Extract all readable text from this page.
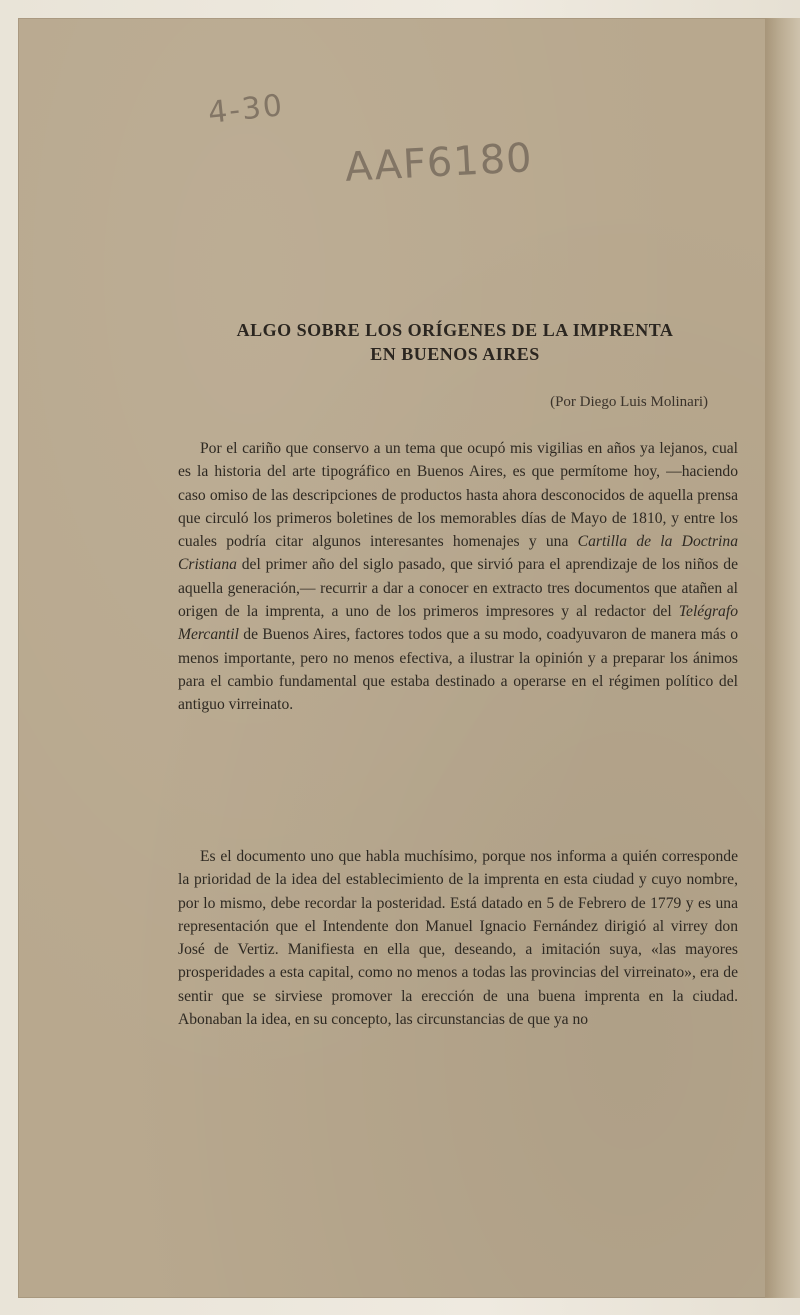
4-30
AAF6180
ALGO SOBRE LOS ORÍGENES DE LA IMPRENTA
EN BUENOS AIRES
(Por Diego Luis Molinari)

Por el cariño que conservo a un tema que ocupó mis vigilias en años ya lejanos, cual es la historia del arte tipográfico en Buenos Aires, es que permítome hoy, —haciendo caso omiso de las descripciones de productos hasta ahora desconocidos de aquella prensa que circuló los primeros boletines de los memorables días de Mayo de 1810, y entre los cuales podría citar algunos interesantes homenajes y una Cartilla de la Doctrina Cristiana del primer año del siglo pasado, que sirvió para el aprendizaje de los niños de aquella generación,— recurrir a dar a conocer en extracto tres documentos que atañen al origen de la imprenta, a uno de los primeros impresores y al redactor del Telégrafo Mercantil de Buenos Aires, factores todos que a su modo, coadyuvaron de manera más o menos importante, pero no menos efectiva, a ilustrar la opinión y a preparar los ánimos para el cambio fundamental que estaba destinado a operarse en el régimen político del antiguo virreinato.

Es el documento uno que habla muchísimo, porque nos informa a quién corresponde la prioridad de la idea del establecimiento de la imprenta en esta ciudad y cuyo nombre, por lo mismo, debe recordar la posteridad. Está datado en 5 de Febrero de 1779 y es una representación que el Intendente don Manuel Ignacio Fernández dirigió al virrey don José de Vertiz. Manifiesta en ella que, deseando, a imitación suya, «las mayores prosperidades a esta capital, como no menos a todas las provincias del virreinato», era de sentir que se sirviese promover la erección de una buena imprenta en la ciudad. Abonaban la idea, en su concepto, las circunstancias de que ya no
